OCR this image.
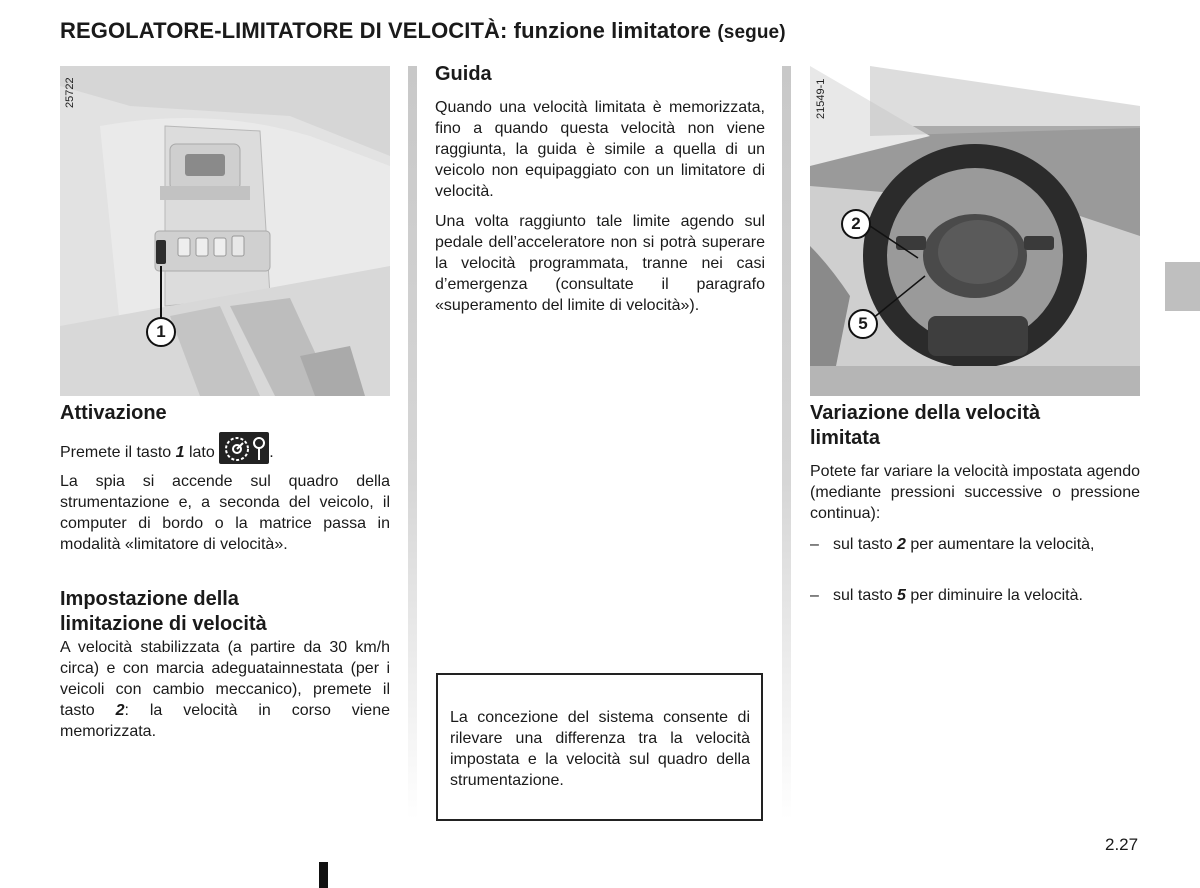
REGOLATORE-LIMITATORE DI VELOCITÀ: funzione limitatore (segue)
1
25722
Attivazione
Premete il tasto 1 lato	.

La spia si accende sul quadro della strumentazione e, a seconda del veicolo, il computer di bordo o la matrice passa in modalità «limitatore di velocità».

Impostazione della
limitazione di velocità

A velocità stabilizzata (a partire da 30 km/h circa) e con marcia adeguatainnestata (per i veicoli con cambio meccanico), premete il tasto 2: la velocità in corso viene memorizzata.

Guida

Quando una velocità limitata è memorizzata, fino a quando questa velocità non viene raggiunta, la guida è simile a quella di un veicolo non equipaggiato con un limitatore di velocità.

Una volta raggiunto tale limite agendo sul pedale dell’acceleratore non si potrà superare la velocità programmata, tranne nei casi d’emergenza (consultate il paragrafo «superamento del limite di velocità»).

La concezione del sistema consente di rilevare una differenza tra la velocità impostata e la velocità sul quadro della strumentazione.

2
5
21549-1
Variazione della velocità
limitata

Potete far variare la velocità impostata agendo (mediante pressioni successive o pressione continua):

– sul tasto 2 per aumentare la velocità,
– sul tasto 5 per diminuire la velocità.
2.27
